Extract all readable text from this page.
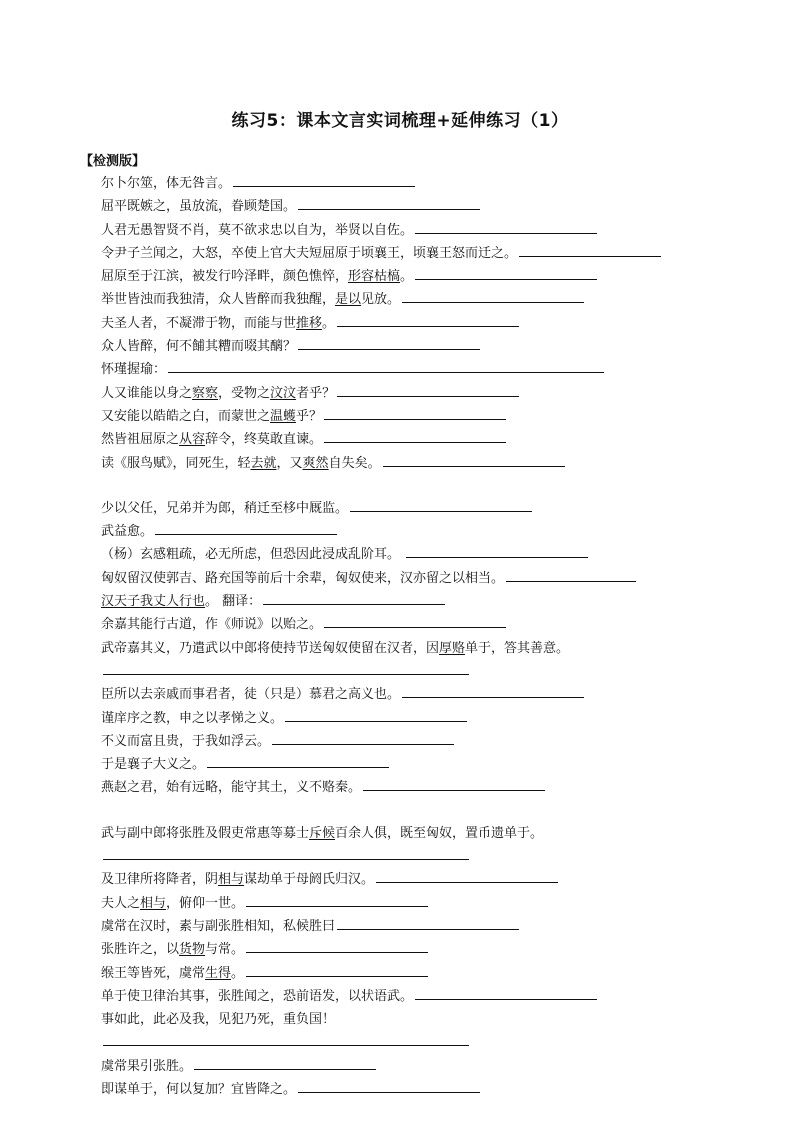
练习5：课本文言实词梳理+延伸练习（1）
【检测版】
尔卜尔筮，体无咎言。
屈平既嫉之，虽放流，眷顾楚国。
人君无愚智贤不肖，莫不欲求忠以自为，举贤以自佐。
令尹子兰闻之，大怒，卒使上官大夫短屈原于顷襄王，顷襄王怒而迁之。
屈原至于江滨，被发行吟泽畔，颜色憔悴，形容枯槁。
举世皆浊而我独清，众人皆醉而我独醒，是以见放。
夫圣人者，不凝滞于物，而能与世推移。
众人皆醉，何不餔其糟而啜其醨？
怀瑾握瑜：
人又谁能以身之察察，受物之汶汶者乎？
又安能以皓皓之白，而蒙世之温蠖乎？
然皆祖屈原之从容辞令，终莫敢直谏。
读《服鸟赋》，同死生，轻去就，又爽然自失矣。
少以父任，兄弟并为郎，稍迁至栘中厩监。
武益愈。
（杨）玄感粗疏，必无所虑，但恐因此浸成乱阶耳。
匈奴留汉使郭吉、路充国等前后十余辈，匈奴使来，汉亦留之以相当。
汉天子我丈人行也。 翻译：
余嘉其能行古道，作《师说》以贻之。
武帝嘉其义，乃遣武以中郎将使持节送匈奴使留在汉者，因厚赂单于，答其善意。
臣所以去亲戚而事君者，徒（只是）慕君之高义也。
谨庠序之教，申之以孝悌之义。
不义而富且贵，于我如浮云。
于是襄子大义之。
燕赵之君，始有远略，能守其土，义不赂秦。
武与副中郎将张胜及假吏常惠等募士斥候百余人俱，既至匈奴，置币遗单于。
及卫律所将降者，阴相与谋劫单于母阏氏归汉。
夫人之相与，俯仰一世。
虞常在汉时，素与副张胜相知，私候胜曰
张胜许之，以货物与常。
缑王等皆死，虞常生得。
单于使卫律治其事，张胜闻之，恐前语发，以状语武。
事如此，此必及我，见犯乃死，重负国！
虞常果引张胜。
即谋单于，何以复加？宜皆降之。
